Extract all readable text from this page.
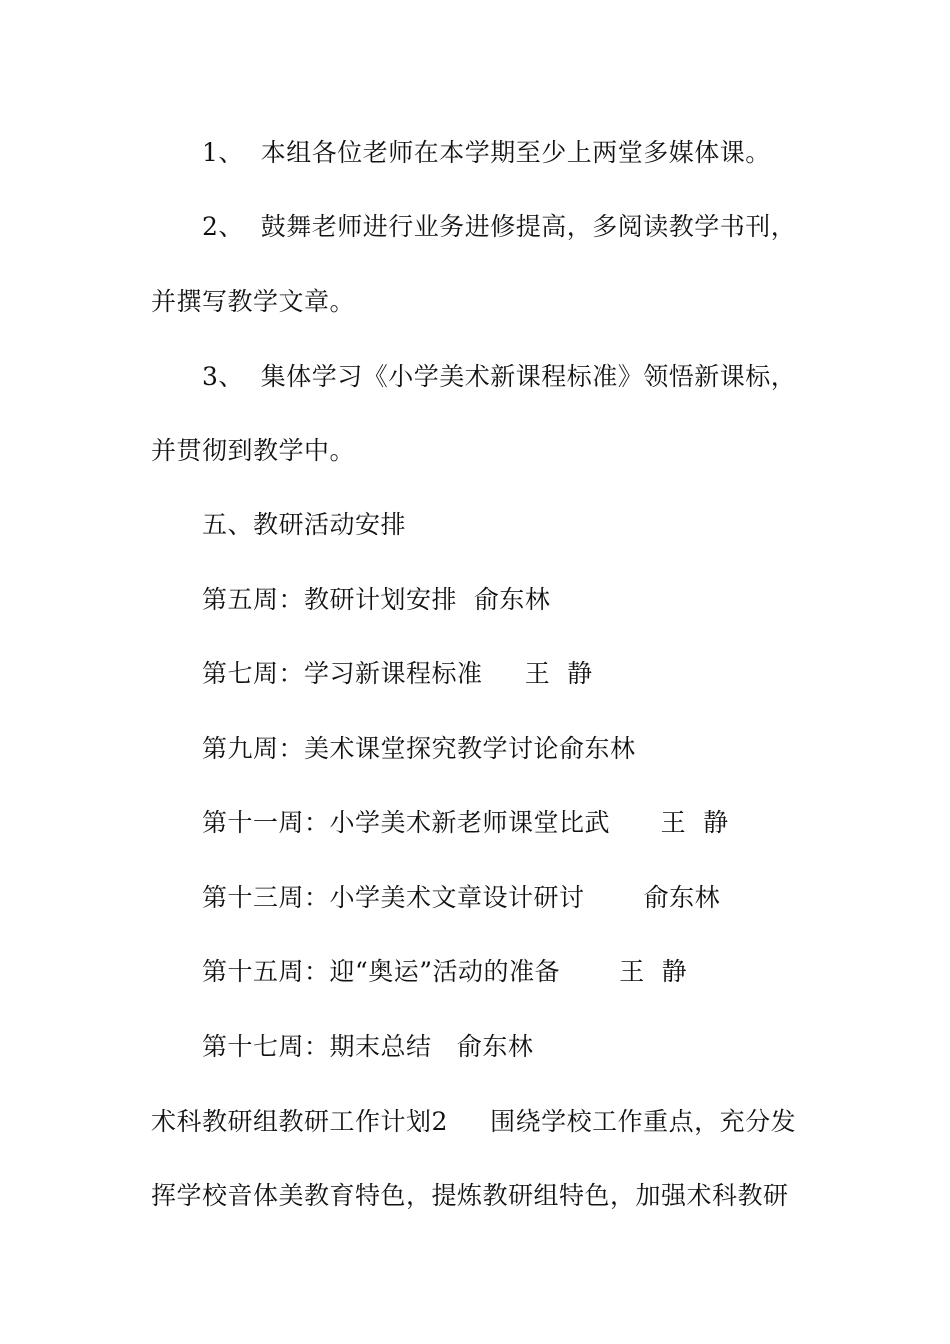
1、  本组各位老师在本学期至少上两堂多媒体课。
2、  鼓舞老师进行业务进修提高，多阅读教学书刊，
并撰写教学文章。
3、  集体学习《小学美术新课程标准》领悟新课标，
并贯彻到教学中。
五、教研活动安排
第五周：教研计划安排  俞东林
第七周：学习新课程标准     王  静
第九周：美术课堂探究教学讨论俞东林
第十一周：小学美术新老师课堂比武      王  静
第十三周：小学美术文章设计研讨       俞东林
第十五周：迎“奥运”活动的准备       王  静
第十七周：期末总结   俞东林
术科教研组教研工作计划2     围绕学校工作重点，充分发
挥学校音体美教育特色，提炼教研组特色，加强术科教研
